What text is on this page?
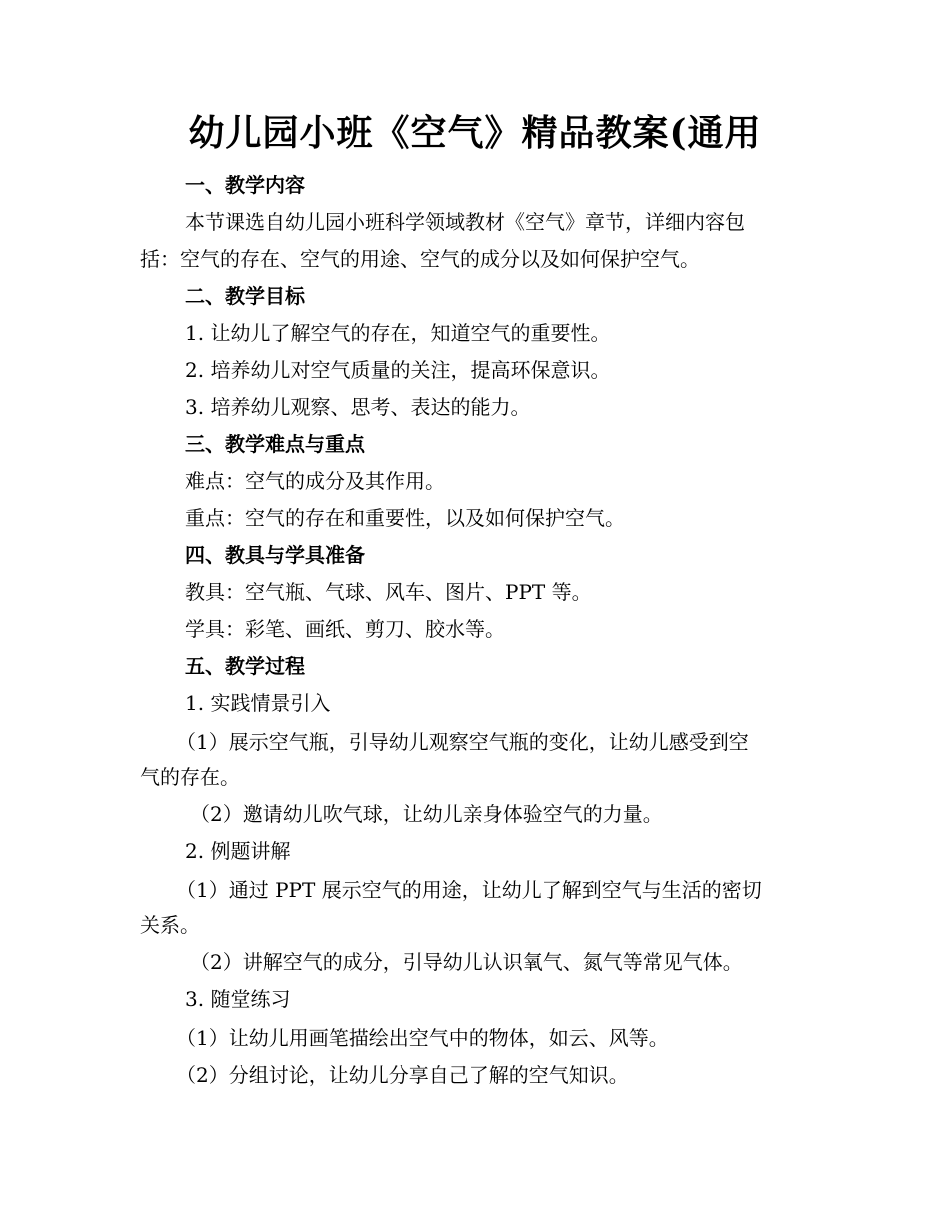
幼儿园小班《空气》精品教案(通用
一、教学内容
本节课选自幼儿园小班科学领域教材《空气》章节，详细内容包
括：空气的存在、空气的用途、空气的成分以及如何保护空气。
二、教学目标
1. 让幼儿了解空气的存在，知道空气的重要性。
2. 培养幼儿对空气质量的关注，提高环保意识。
3. 培养幼儿观察、思考、表达的能力。
三、教学难点与重点
难点：空气的成分及其作用。
重点：空气的存在和重要性，以及如何保护空气。
四、教具与学具准备
教具：空气瓶、气球、风车、图片、PPT 等。
学具：彩笔、画纸、剪刀、胶水等。
五、教学过程
1. 实践情景引入
（1）展示空气瓶，引导幼儿观察空气瓶的变化，让幼儿感受到空
气的存在。
（2）邀请幼儿吹气球，让幼儿亲身体验空气的力量。
2. 例题讲解
（1）通过 PPT 展示空气的用途，让幼儿了解到空气与生活的密切
关系。
（2）讲解空气的成分，引导幼儿认识氧气、氮气等常见气体。
3. 随堂练习
（1）让幼儿用画笔描绘出空气中的物体，如云、风等。
（2）分组讨论，让幼儿分享自己了解的空气知识。
